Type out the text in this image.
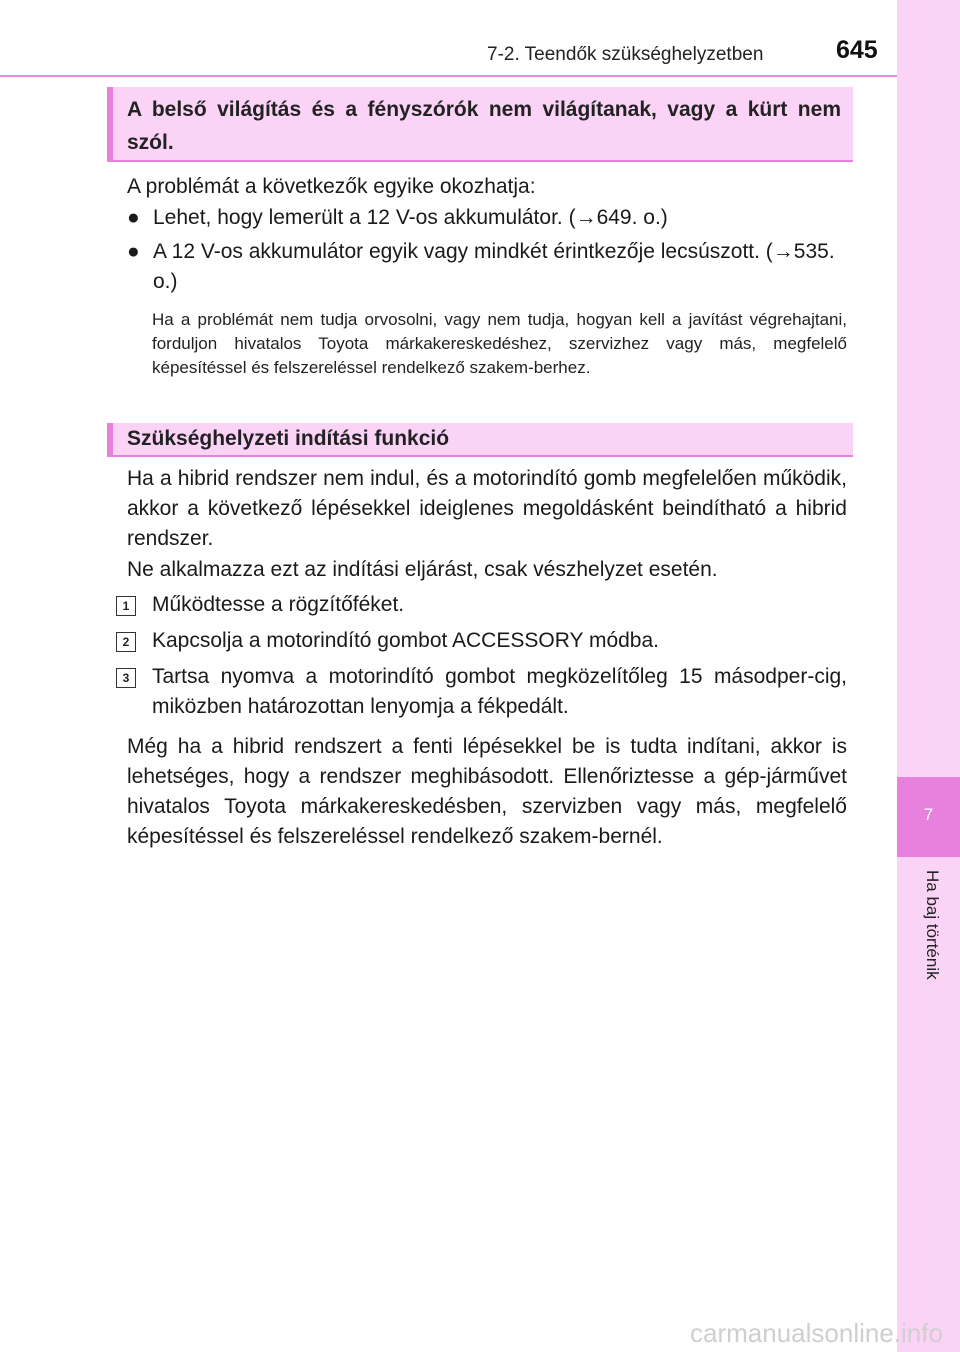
7-2. Teendők szükséghelyzetben	645
7
Ha baj történik
A belső világítás és a fényszórók nem világítanak, vagy a kürt nem szól.
A problémát a következők egyike okozhatja:
● Lehet, hogy lemerült a 12 V-os akkumulátor. (→649. o.)
● A 12 V-os akkumulátor egyik vagy mindkét érintkezője lecsúszott. (→535. o.)
Ha a problémát nem tudja orvosolni, vagy nem tudja, hogyan kell a javítást végrehajtani, forduljon hivatalos Toyota márkakereskedéshez, szervizhez vagy más, megfelelő képesítéssel és felszereléssel rendelkező szakem-berhez.
Szükséghelyzeti indítási funkció
Ha a hibrid rendszer nem indul, és a motorindító gomb megfelelően működik, akkor a következő lépésekkel ideiglenes megoldásként beindítható a hibrid rendszer.
Ne alkalmazza ezt az indítási eljárást, csak vészhelyzet esetén.
1	Működtesse a rögzítőféket.
2	Kapcsolja a motorindító gombot ACCESSORY módba.
3	Tartsa nyomva a motorindító gombot megközelítőleg 15 másodper-cig, miközben határozottan lenyomja a fékpedált.
Még ha a hibrid rendszert a fenti lépésekkel be is tudta indítani, akkor is lehetséges, hogy a rendszer meghibásodott. Ellenőriztesse a gép-járművet hivatalos Toyota márkakereskedésben, szervizben vagy más, megfelelő képesítéssel és felszereléssel rendelkező szakem-bernél.
carmanualsonline.info
